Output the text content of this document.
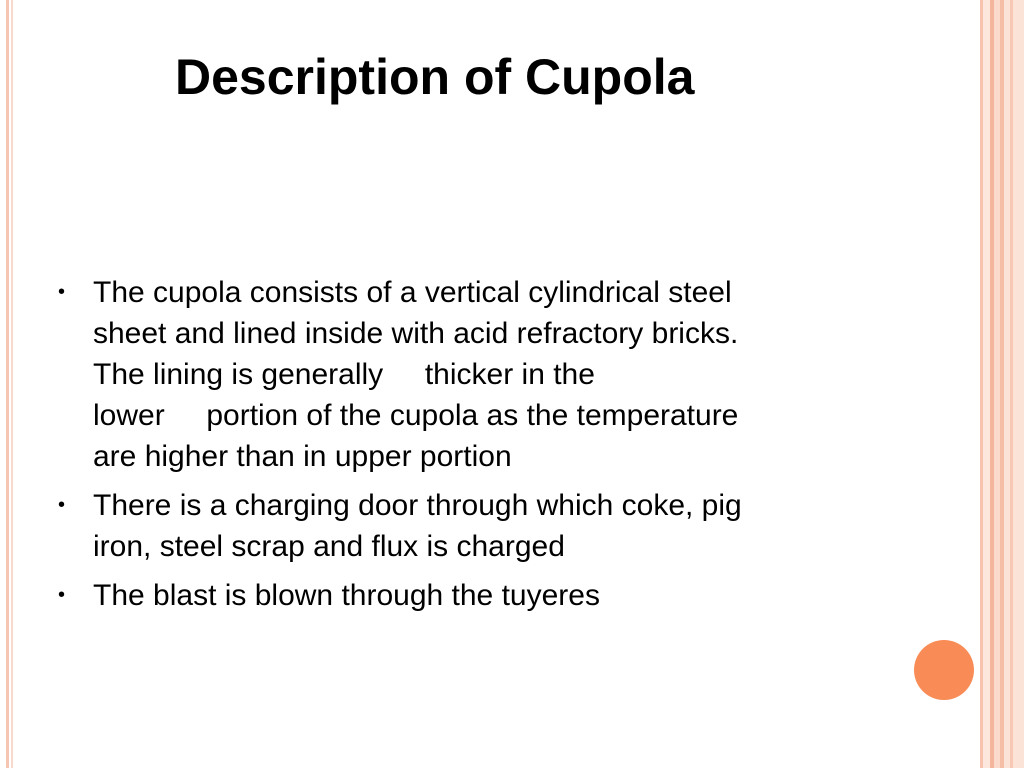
Description of Cupola
• The cupola consists of a vertical cylindrical steel
sheet and lined inside with acid refractory bricks.
The lining is generally     thicker in the
lower     portion of the cupola as the temperature
are higher than in upper portion
• There is a charging door through which coke, pig
iron, steel scrap and flux is charged
• The blast is blown through the tuyeres
